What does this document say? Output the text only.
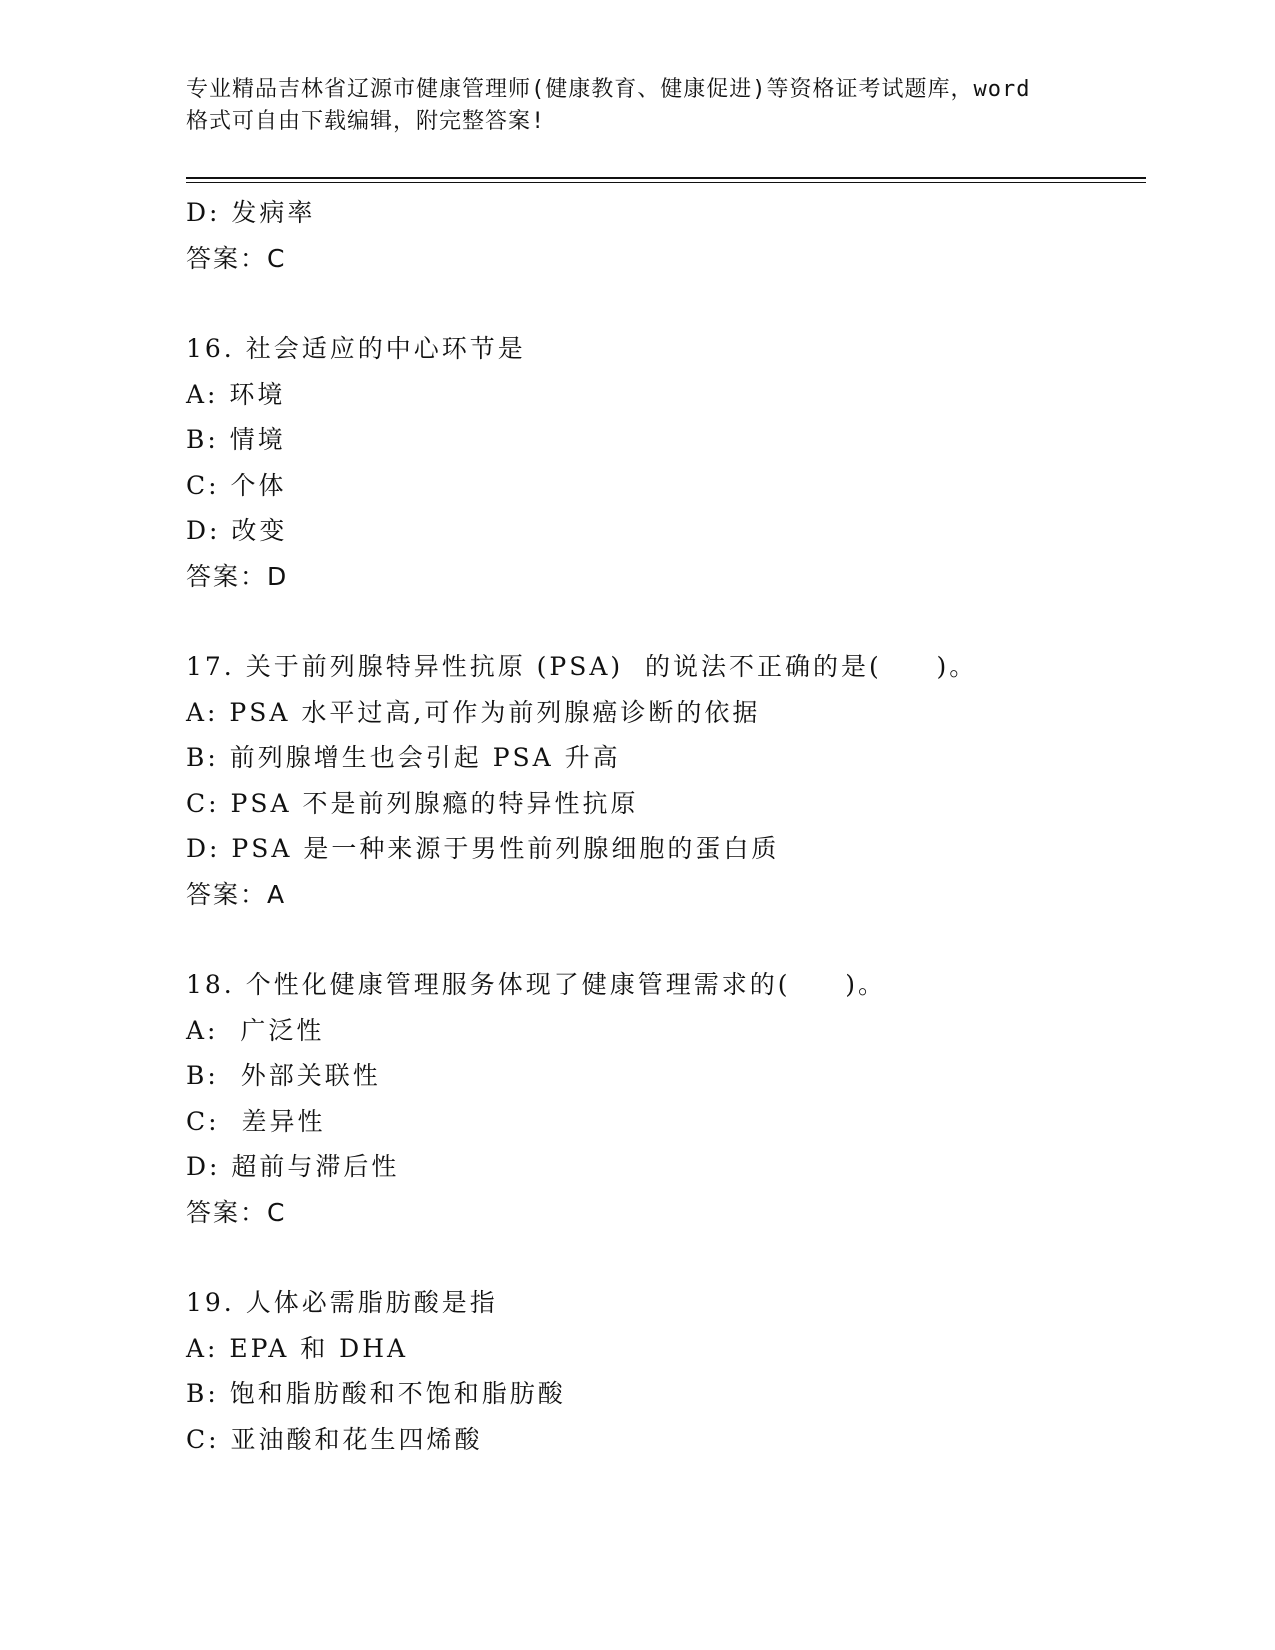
专业精品吉林省辽源市健康管理师(健康教育、健康促进)等资格证考试题库，word
格式可自由下载编辑，附完整答案!
D: 发病率
答案：C
16. 社会适应的中心环节是
A: 环境
B: 情境
C: 个体
D: 改变
答案：D
17. 关于前列腺特异性抗原 (PSA)  的说法不正确的是(     )。
A: PSA 水平过高,可作为前列腺癌诊断的依据
B: 前列腺增生也会引起 PSA 升高
C: PSA 不是前列腺瘾的特异性抗原
D: PSA 是一种来源于男性前列腺细胞的蛋白质
答案：A
18. 个性化健康管理服务体现了健康管理需求的(     )。
A:  广泛性
B:  外部关联性
C:  差异性
D: 超前与滞后性
答案：C
19. 人体必需脂肪酸是指
A: EPA 和 DHA
B: 饱和脂肪酸和不饱和脂肪酸
C: 亚油酸和花生四烯酸
